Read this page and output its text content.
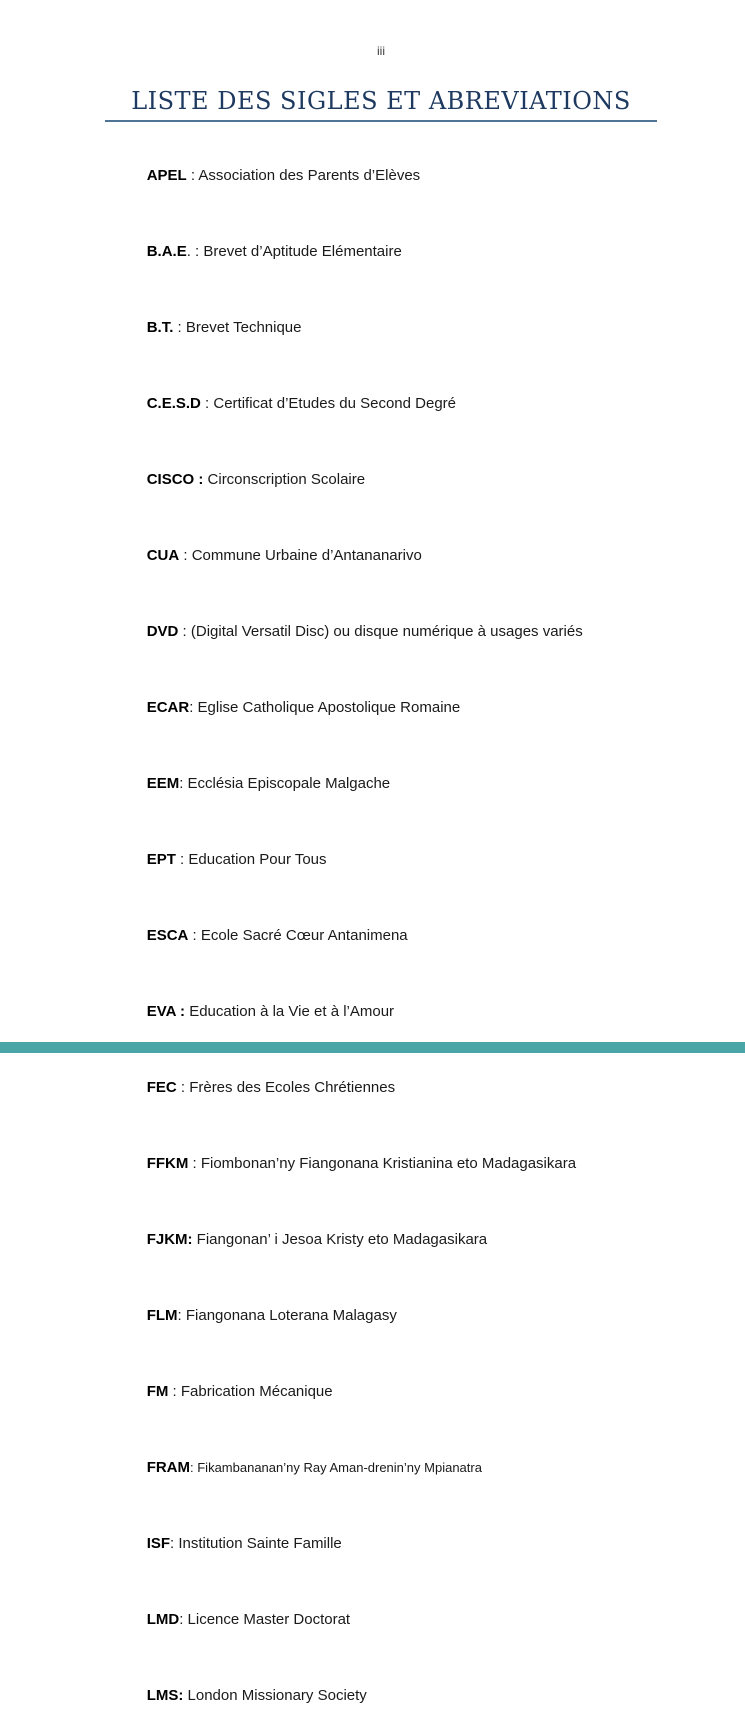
iii
LISTE DES SIGLES ET ABREVIATIONS

APEL : Association des Parents d’Elèves

B.A.E. : Brevet d’Aptitude Elémentaire

B.T. : Brevet Technique

C.E.S.D : Certificat d’Etudes du Second Degré

CISCO : Circonscription Scolaire

CUA : Commune Urbaine d’Antananarivo

DVD : (Digital Versatil Disc) ou disque numérique à usages variés

ECAR: Eglise Catholique Apostolique Romaine

EEM: Ecclésia Episcopale Malgache

EPT : Education Pour Tous

ESCA : Ecole Sacré Cœur Antanimena

EVA : Education à la Vie et à l’Amour

FEC : Frères des Ecoles Chrétiennes

FFKM : Fiombonan’ny Fiangonana Kristianina eto Madagasikara

FJKM: Fiangonan’ i Jesoa Kristy eto Madagasikara

FLM: Fiangonana Loterana Malagasy

FM : Fabrication Mécanique

FRAM: Fikambananan’ny Ray Aman-drenin’ny Mpianatra

ISF: Institution Sainte Famille

LMD: Licence Master Doctorat

LMS: London Missionary Society
